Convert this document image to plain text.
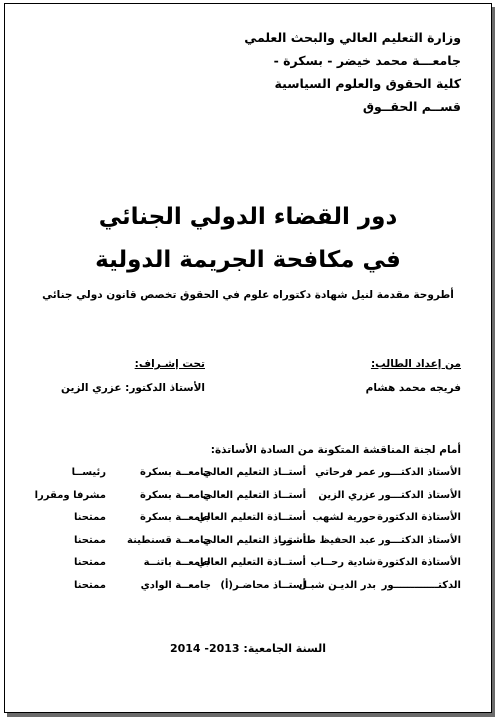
وزارة التعليم العالي والبحث العلمي
جامعـــة محمد خيضر - بسكرة -
كلية الحقوق والعلوم السياسية
قســم الحقــوق
دور القضاء الدولي الجنائي
في مكافحة الجريمة الدولية
أطروحة مقدمة لنيل شهادة دكتوراه علوم في الحقوق تخصص قانون دولي جنائي
من إعداد الطالب:
فريجه محمد هشام
تحت إشـراف:
الأستاذ الدكتور: عزري الزين
أمام لجنة المناقشة المتكونة من السادة الأساتذة:
الأستاذ الدكتـــور
عمر فرحاتي
أستــاذ التعليم العالي
جامعــة بسكرة
رئيســا
الأستاذ الدكتـــور
عزري الزين
أستــاذ التعليم العالي
جامعــة بسكرة
مشرفا ومقررا
الأستاذة الدكتورة
حورية لشهب
أستــاذة التعليم العالي
جامعــة بسكرة
ممتحنا
الأستاذ الدكتـــور
عبد الحفيظ طاشور
أستــاذ التعليم العالي
جامعــة قسنطينة
ممتحنا
الأستاذة الدكتورة
شادية رحــاب
أستــاذة التعليم العالي
جامعــة باتنــة
ممتحنا
الدكتـــــــــــــور
بدر الديـن شبـل
أستــاذ محاضـر(أ)
جامعــة الوادي
ممتحنا
السنة الجامعية: 2013- 2014
